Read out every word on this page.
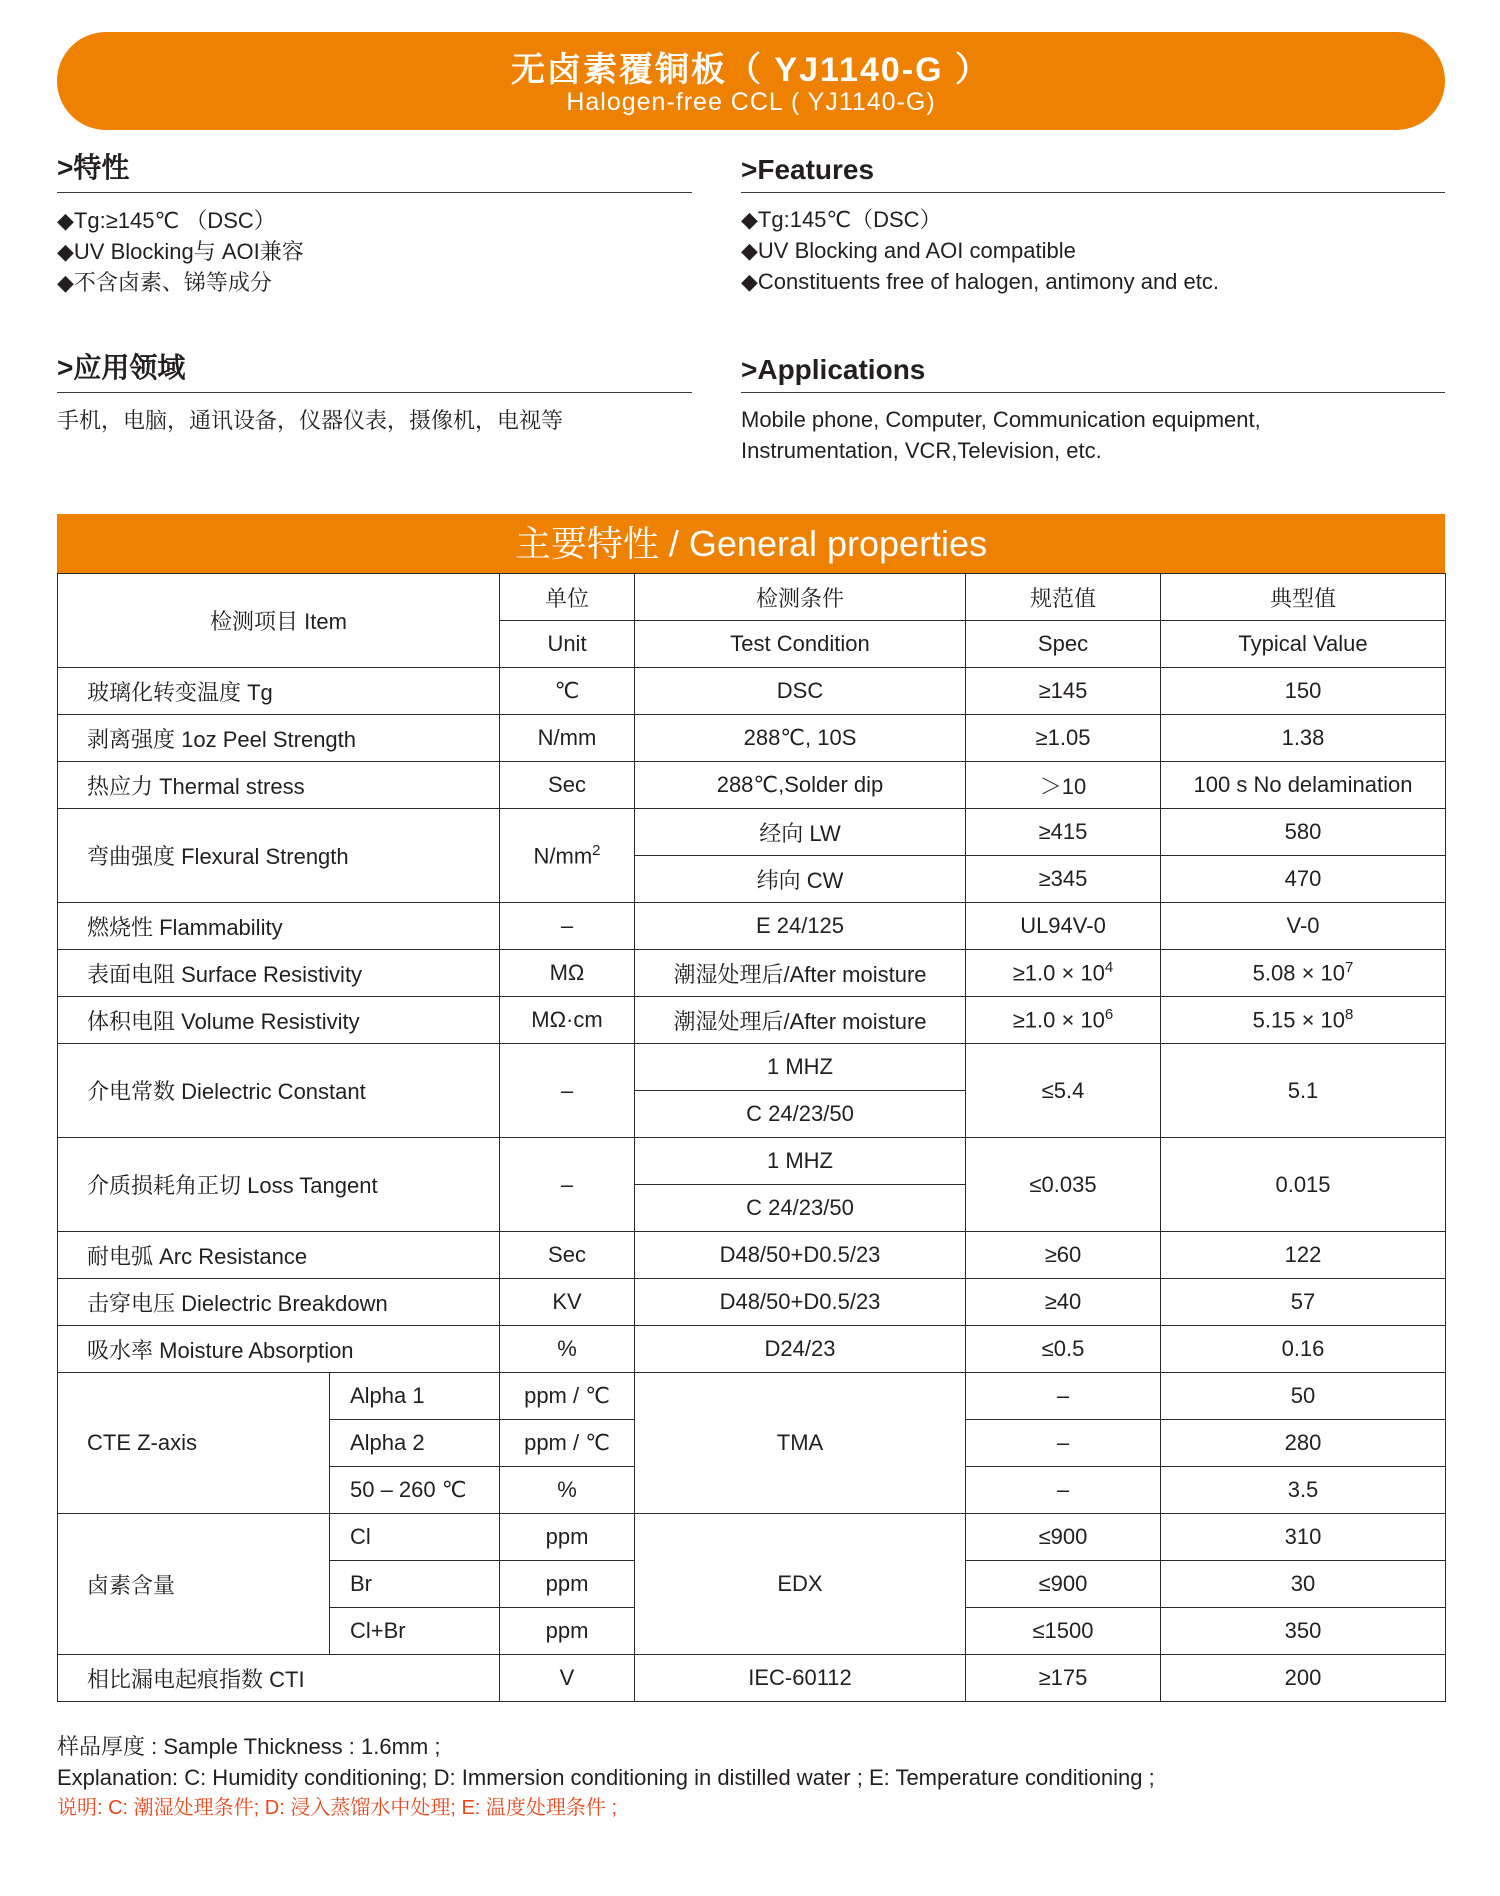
无卤素覆铜板（ YJ1140-G ）
Halogen-free CCL ( YJ1140-G)
>特性
◆Tg:≥145℃ （DSC）
◆UV Blocking与 AOI兼容
◆不含卤素、锑等成分
>Features
◆Tg:145℃（DSC）
◆UV Blocking and AOI compatible
◆Constituents free of halogen, antimony and etc.
>应用领域
手机，电脑，通讯设备，仪器仪表，摄像机，电视等
>Applications
Mobile phone, Computer, Communication equipment,
Instrumentation, VCR,Television, etc.
主要特性 / General properties
检测项目 Item		单位	检测条件	规范值	典型值
		Unit	Test Condition	Spec	Typical Value
玻璃化转变温度 Tg		℃	DSC	≥145	150
剥离强度 1oz Peel Strength		N/mm	288℃, 10S	≥1.05	1.38
热应力 Thermal stress		Sec	288℃,Solder dip	＞10	100 s No delamination
弯曲强度 Flexural Strength		$N/mm^2$	经向 LW	≥415	580
			纬向 CW	≥345	470
燃烧性 Flammability		–	E 24/125	UL94V-0	V-0
表面电阻 Surface Resistivity		MΩ	潮湿处理后/After moisture	$\ge 1.0 \times 10^4$	$5.08 \times 10^7$
体积电阻 Volume Resistivity		MΩ·cm	潮湿处理后/After moisture	$\ge 1.0 \times 10^6$	$5.15 \times 10^8$
介电常数 Dielectric Constant		–	1 MHZ	≤5.4	5.1
			C 24/23/50		
介质损耗角正切 Loss Tangent		–	1 MHZ	≤0.035	0.015
			C 24/23/50		
耐电弧 Arc Resistance		Sec	D48/50+D0.5/23	≥60	122
击穿电压 Dielectric Breakdown		KV	D48/50+D0.5/23	≥40	57
吸水率 Moisture Absorption		%	D24/23	≤0.5	0.16
CTE Z-axis	Alpha 1	ppm / ℃	TMA	–	50
	Alpha 2	ppm / ℃		–	280
	50 – 260 ℃	%		–	3.5
卤素含量	Cl	ppm	EDX	≤900	310
	Br	ppm		≤900	30
	Cl+Br	ppm		≤1500	350
相比漏电起痕指数 CTI		V	IEC-60112	≥175	200
样品厚度 : Sample Thickness : 1.6mm ;
Explanation: C: Humidity conditioning; D: Immersion conditioning in distilled water ; E: Temperature conditioning ;
说明: C: 潮湿处理条件; D: 浸入蒸馏水中处理; E: 温度处理条件 ;
